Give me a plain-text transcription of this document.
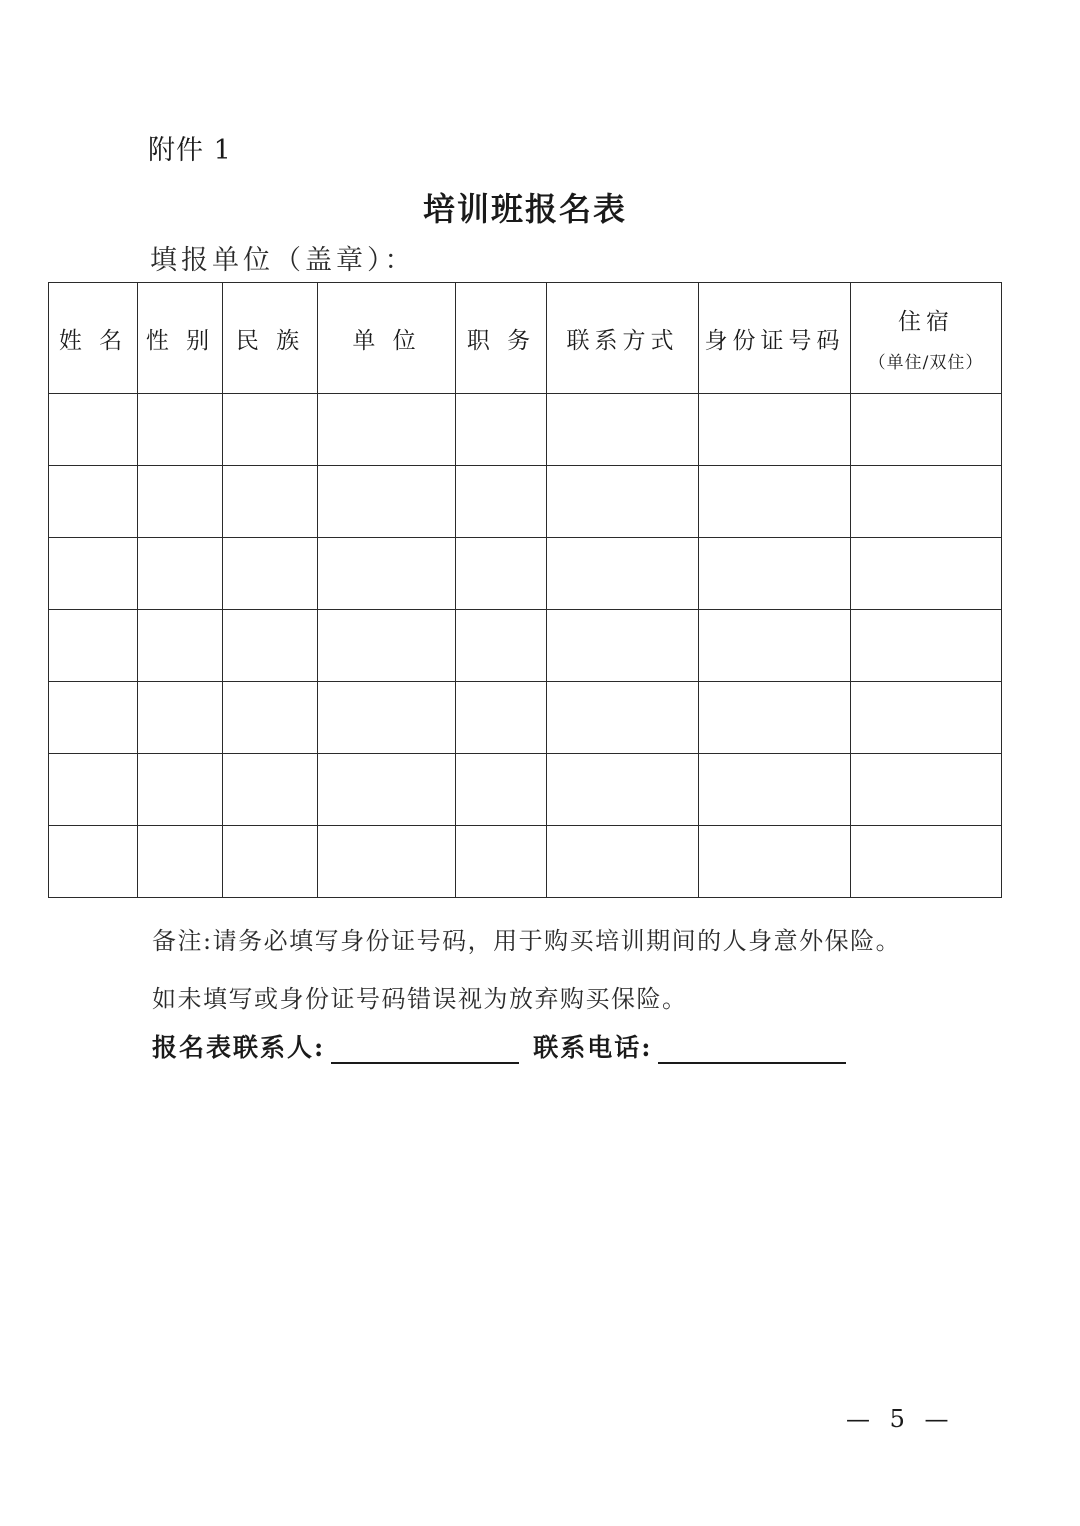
附件 1
培训班报名表
填报单位（盖章）：
姓 名	性 别	民 族	单 位	职 务	联系方式	身份证号码	住宿
（单住/双住）

备注:请务必填写身份证号码，用于购买培训期间的人身意外保险。如未填写或身份证号码错误视为放弃购买保险。
报名表联系人:	联系电话:
— 5 —
